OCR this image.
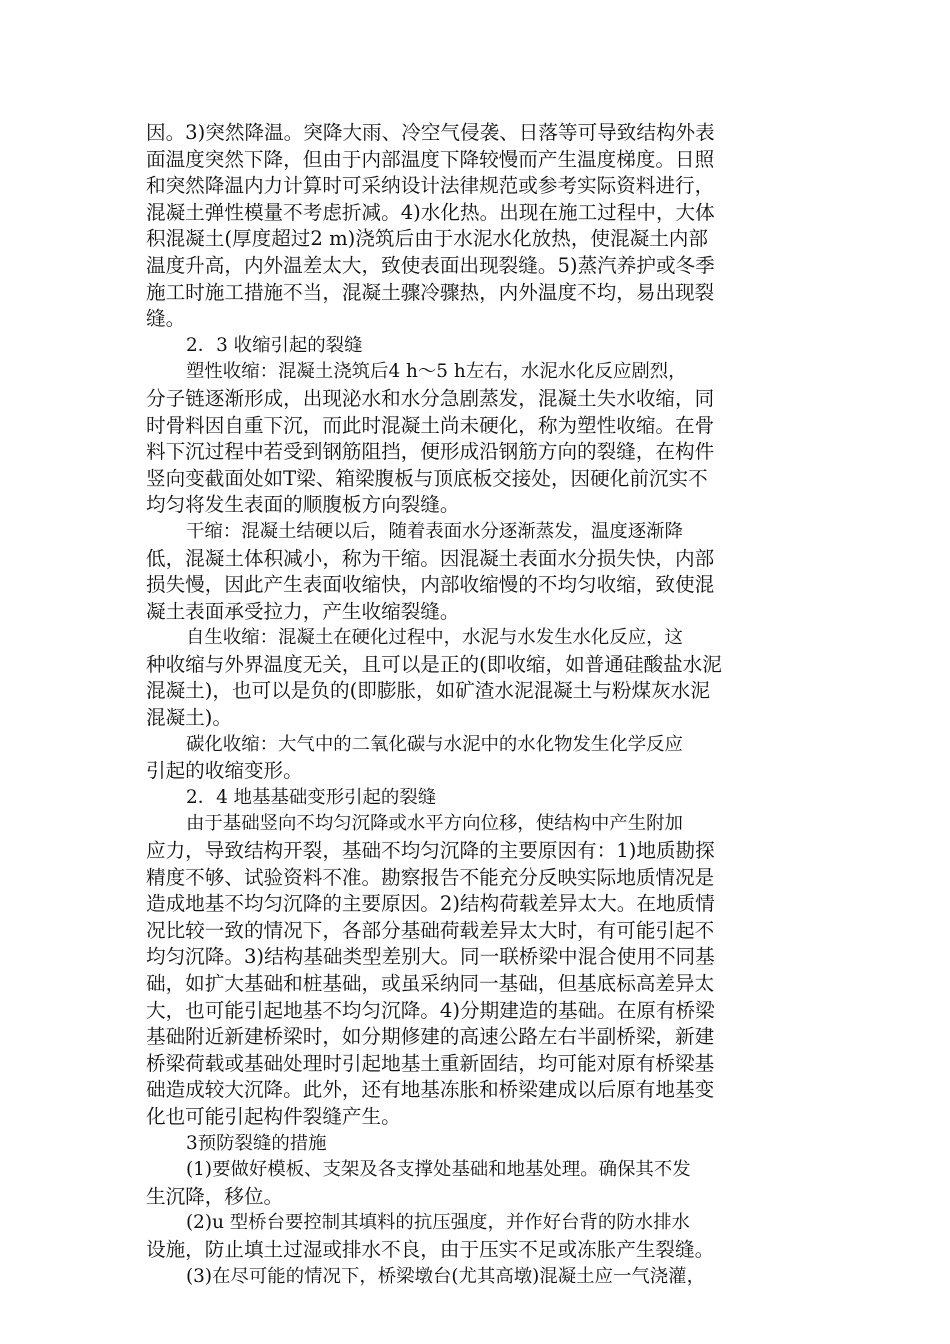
因。3)突然降温。突降大雨、冷空气侵袭、日落等可导致结构外表

面温度突然下降，但由于内部温度下降较慢而产生温度梯度。日照

和突然降温内力计算时可采纳设计法律规范或参考实际资料进行，

混凝土弹性模量不考虑折减。4)水化热。出现在施工过程中，大体

积混凝土(厚度超过2 m)浇筑后由于水泥水化放热，使混凝土内部

温度升高，内外温差太大，致使表面出现裂缝。5)蒸汽养护或冬季

施工时施工措施不当，混凝土骤冷骤热，内外温度不均，易出现裂

缝。

2．3 收缩引起的裂缝

塑性收缩：混凝土浇筑后4 h～5 h左右，水泥水化反应剧烈，

分子链逐渐形成，出现泌水和水分急剧蒸发，混凝土失水收缩，同

时骨料因自重下沉，而此时混凝土尚未硬化，称为塑性收缩。在骨

料下沉过程中若受到钢筋阻挡，便形成沿钢筋方向的裂缝，在构件

竖向变截面处如T梁、箱梁腹板与顶底板交接处，因硬化前沉实不

均匀将发生表面的顺腹板方向裂缝。

干缩：混凝土结硬以后，随着表面水分逐渐蒸发，温度逐渐降

低，混凝土体积减小，称为干缩。因混凝土表面水分损失快，内部

损失慢，因此产生表面收缩快，内部收缩慢的不均匀收缩，致使混

凝土表面承受拉力，产生收缩裂缝。

自生收缩：混凝土在硬化过程中，水泥与水发生水化反应，这

种收缩与外界温度无关，且可以是正的(即收缩，如普通硅酸盐水泥

混凝土)，也可以是负的(即膨胀，如矿渣水泥混凝土与粉煤灰水泥

混凝土)。

碳化收缩：大气中的二氧化碳与水泥中的水化物发生化学反应

引起的收缩变形。

2．4 地基基础变形引起的裂缝

由于基础竖向不均匀沉降或水平方向位移，使结构中产生附加

应力，导致结构开裂，基础不均匀沉降的主要原因有：1)地质勘探

精度不够、试验资料不准。勘察报告不能充分反映实际地质情况是

造成地基不均匀沉降的主要原因。2)结构荷载差异太大。在地质情

况比较一致的情况下，各部分基础荷载差异太大时，有可能引起不

均匀沉降。3)结构基础类型差别大。同一联桥梁中混合使用不同基

础，如扩大基础和桩基础，或虽采纳同一基础，但基底标高差异太

大，也可能引起地基不均匀沉降。4)分期建造的基础。在原有桥梁

基础附近新建桥梁时，如分期修建的高速公路左右半副桥梁，新建

桥梁荷载或基础处理时引起地基土重新固结，均可能对原有桥梁基

础造成较大沉降。此外，还有地基冻胀和桥梁建成以后原有地基变

化也可能引起构件裂缝产生。

3预防裂缝的措施

(1)要做好模板、支架及各支撑处基础和地基处理。确保其不发

生沉降，移位。

(2)u 型桥台要控制其填料的抗压强度，并作好台背的防水排水

设施，防止填土过湿或排水不良，由于压实不足或冻胀产生裂缝。

(3)在尽可能的情况下，桥梁墩台(尤其高墩)混凝土应一气浇灌，
